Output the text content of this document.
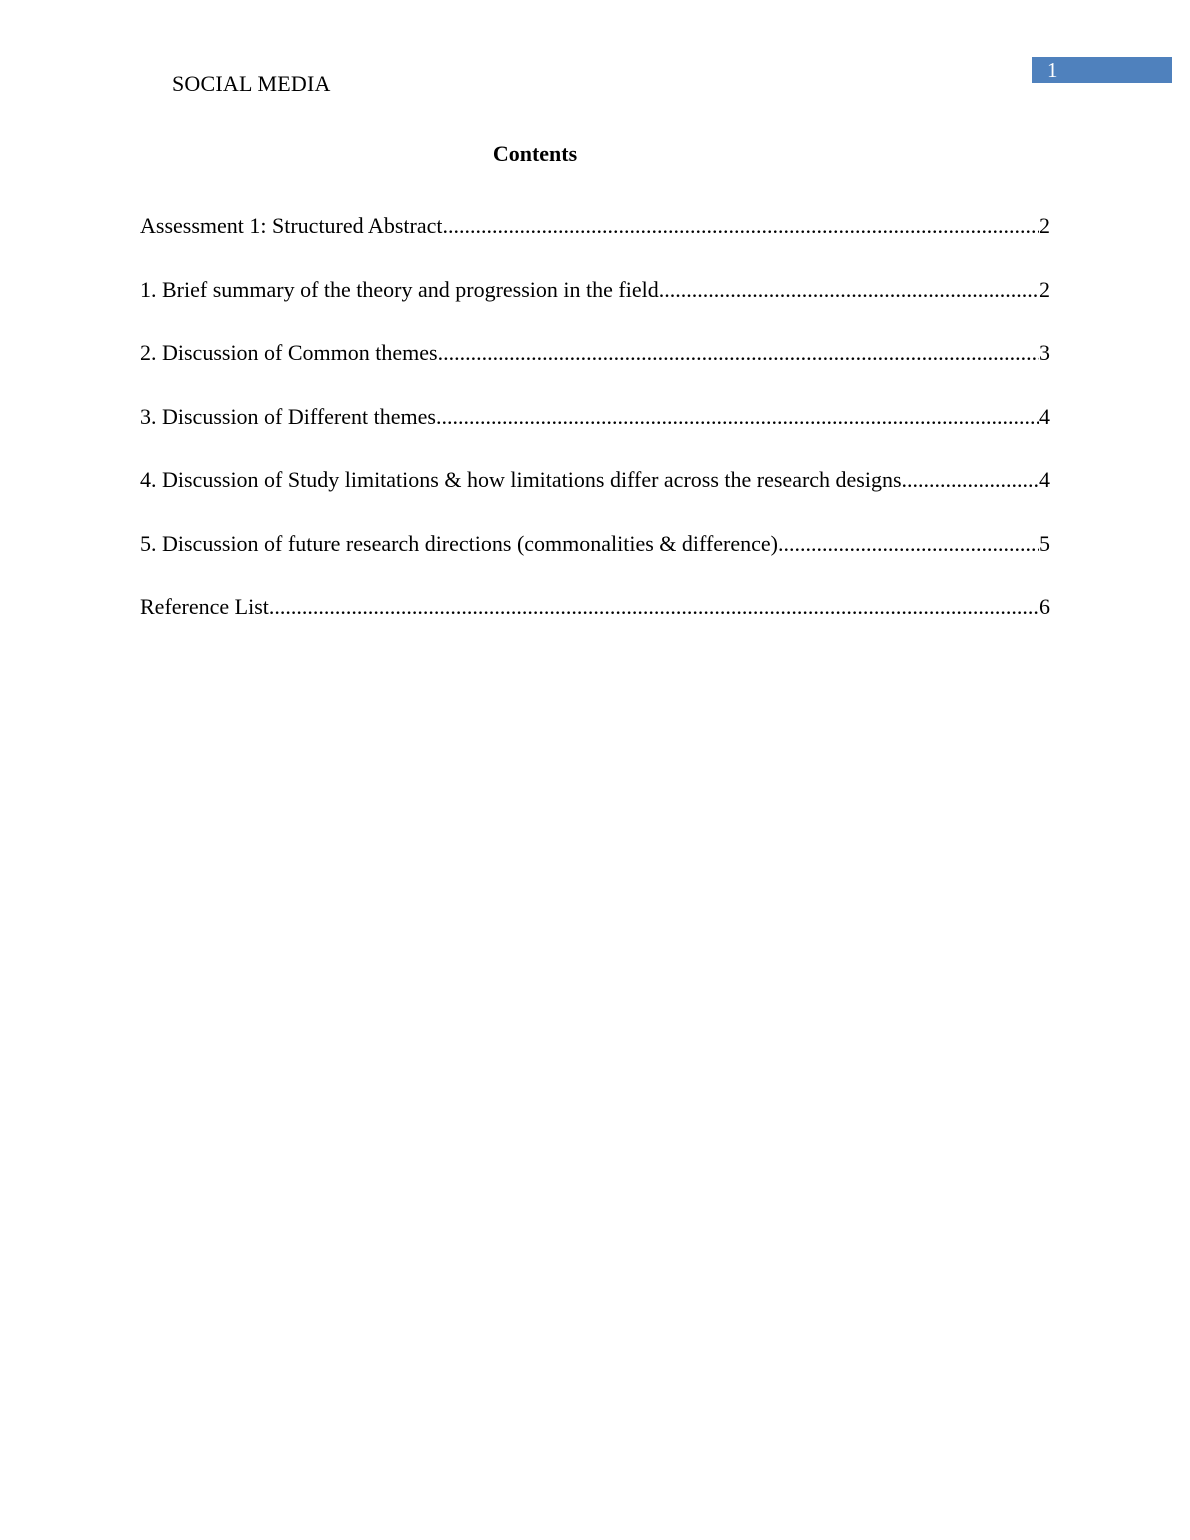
SOCIAL MEDIA
1
Contents
Assessment 1: Structured Abstract .....	2
1. Brief summary of the theory and progression in the field .....	2
2. Discussion of Common themes .....	3
3. Discussion of Different themes .....	4
4. Discussion of Study limitations & how limitations differ across the research designs .....	4
5. Discussion of future research directions (commonalities & difference) .....	5
Reference List .....	6
